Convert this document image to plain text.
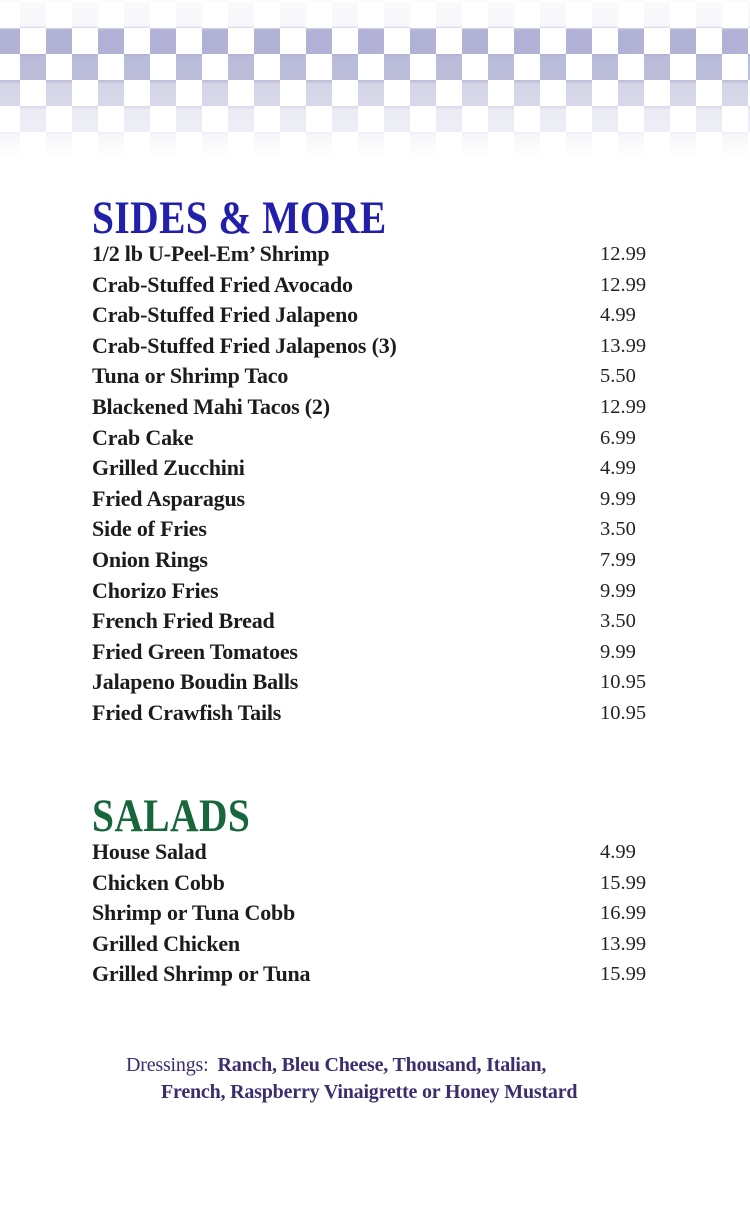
SIDES & MORE
1/2 lb U-Peel-Em’ Shrimp	12.99
Crab-Stuffed Fried Avocado	12.99
Crab-Stuffed Fried Jalapeno	4.99
Crab-Stuffed Fried Jalapenos (3)	13.99
Tuna or Shrimp Taco	5.50
Blackened Mahi Tacos (2)	12.99
Crab Cake	6.99
Grilled Zucchini	4.99
Fried Asparagus	9.99
Side of Fries	3.50
Onion Rings	7.99
Chorizo Fries	9.99
French Fried Bread	3.50
Fried Green Tomatoes	9.99
Jalapeno Boudin Balls	10.95
Fried Crawfish Tails	10.95
SALADS
House Salad	4.99
Chicken Cobb	15.99
Shrimp or Tuna Cobb	16.99
Grilled Chicken	13.99
Grilled Shrimp or Tuna	15.99
Dressings: Ranch, Bleu Cheese, Thousand, Italian,
French, Raspberry Vinaigrette or Honey Mustard
